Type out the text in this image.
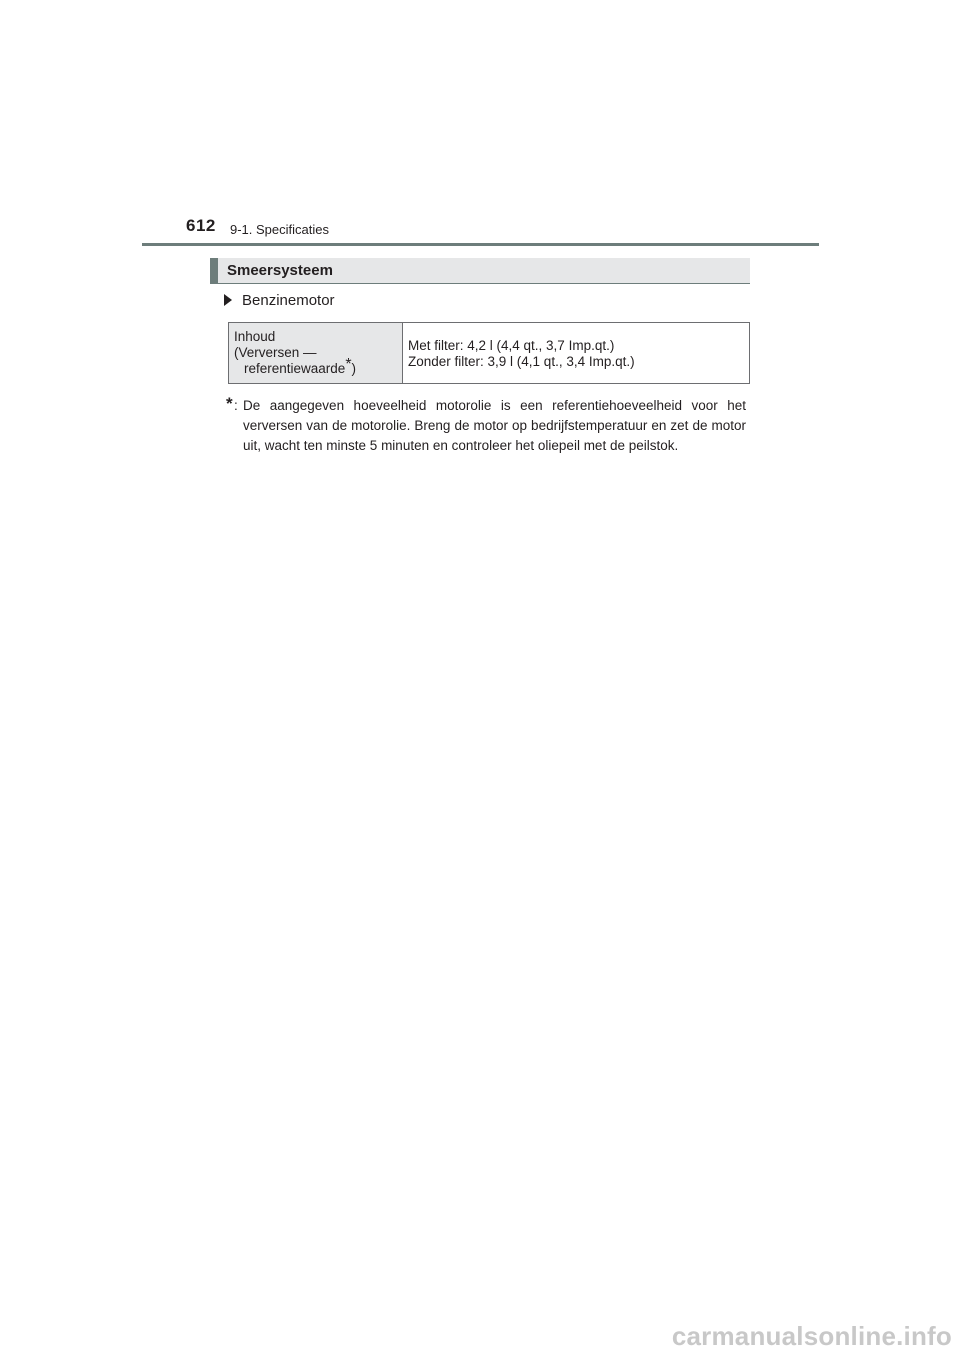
612 9-1. Specificaties
Smeersysteem
Benzinemotor
Inhoud
(Verversen —
referentiewaarde*)	Met filter: 4,2 l (4,4 qt., 3,7 Imp.qt.)
Zonder filter: 3,9 l (4,1 qt., 3,4 Imp.qt.)
* : De aangegeven hoeveelheid motorolie is een referentiehoeveelheid voor het verversen van de motorolie. Breng de motor op bedrijfstemperatuur en zet de motor uit, wacht ten minste 5 minuten en controleer het oliepeil met de peilstok.

carmanualsonline.info
